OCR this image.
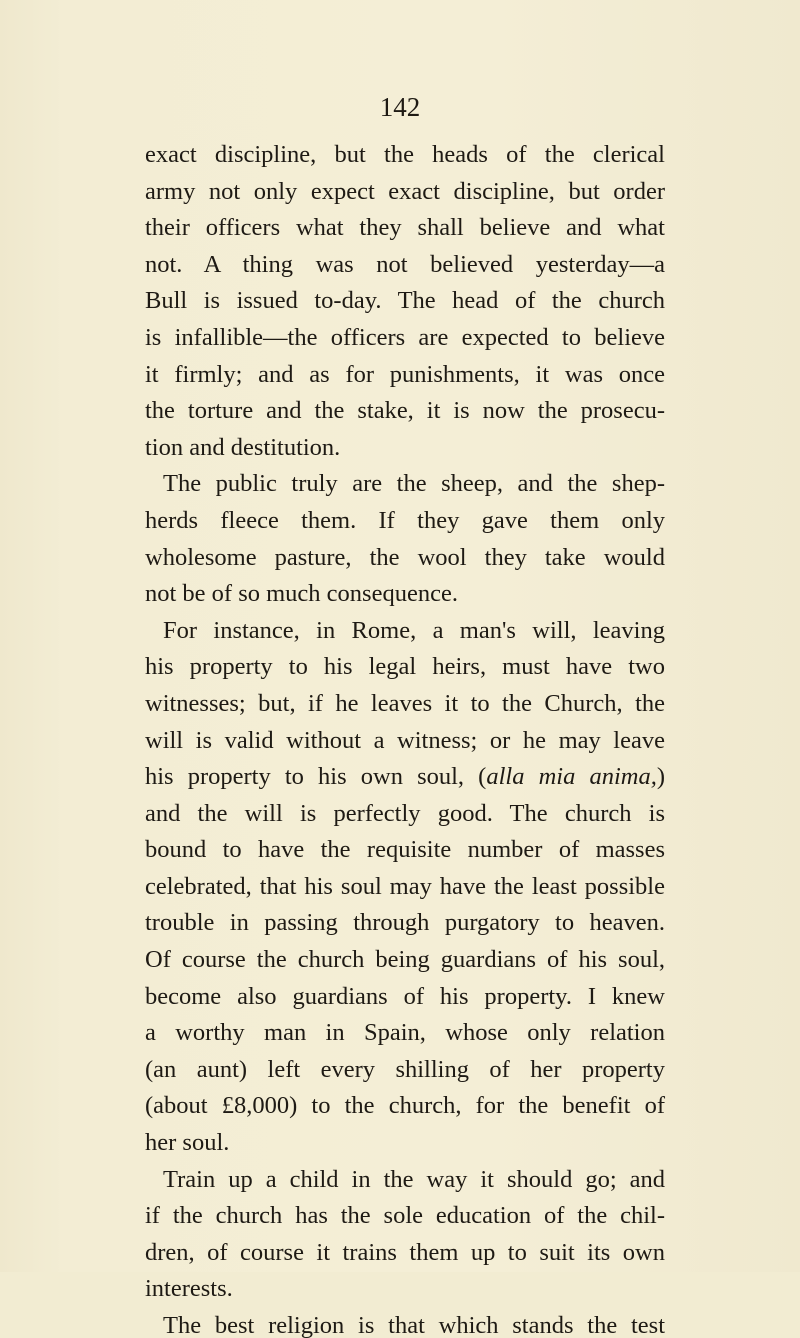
142
exact discipline, but the heads of the clerical
army not only expect exact discipline, but order
their officers what they shall believe and what
not. A thing was not believed yesterday—a
Bull is issued to-day. The head of the church
is infallible—the officers are expected to believe
it firmly; and as for punishments, it was once
the torture and the stake, it is now the prosecu-
tion and destitution.
The public truly are the sheep, and the shep-
herds fleece them. If they gave them only
wholesome pasture, the wool they take would
not be of so much consequence.
For instance, in Rome, a man's will, leaving
his property to his legal heirs, must have two
witnesses; but, if he leaves it to the Church, the
will is valid without a witness; or he may leave
his property to his own soul, (alla mia anima,)
and the will is perfectly good. The church is
bound to have the requisite number of masses
celebrated, that his soul may have the least possible
trouble in passing through purgatory to heaven.
Of course the church being guardians of his soul,
become also guardians of his property. I knew
a worthy man in Spain, whose only relation
(an aunt) left every shilling of her property
(about £8,000) to the church, for the benefit of
her soul.
Train up a child in the way it should go; and
if the church has the sole education of the chil-
dren, of course it trains them up to suit its own
interests.
The best religion is that which stands the test
